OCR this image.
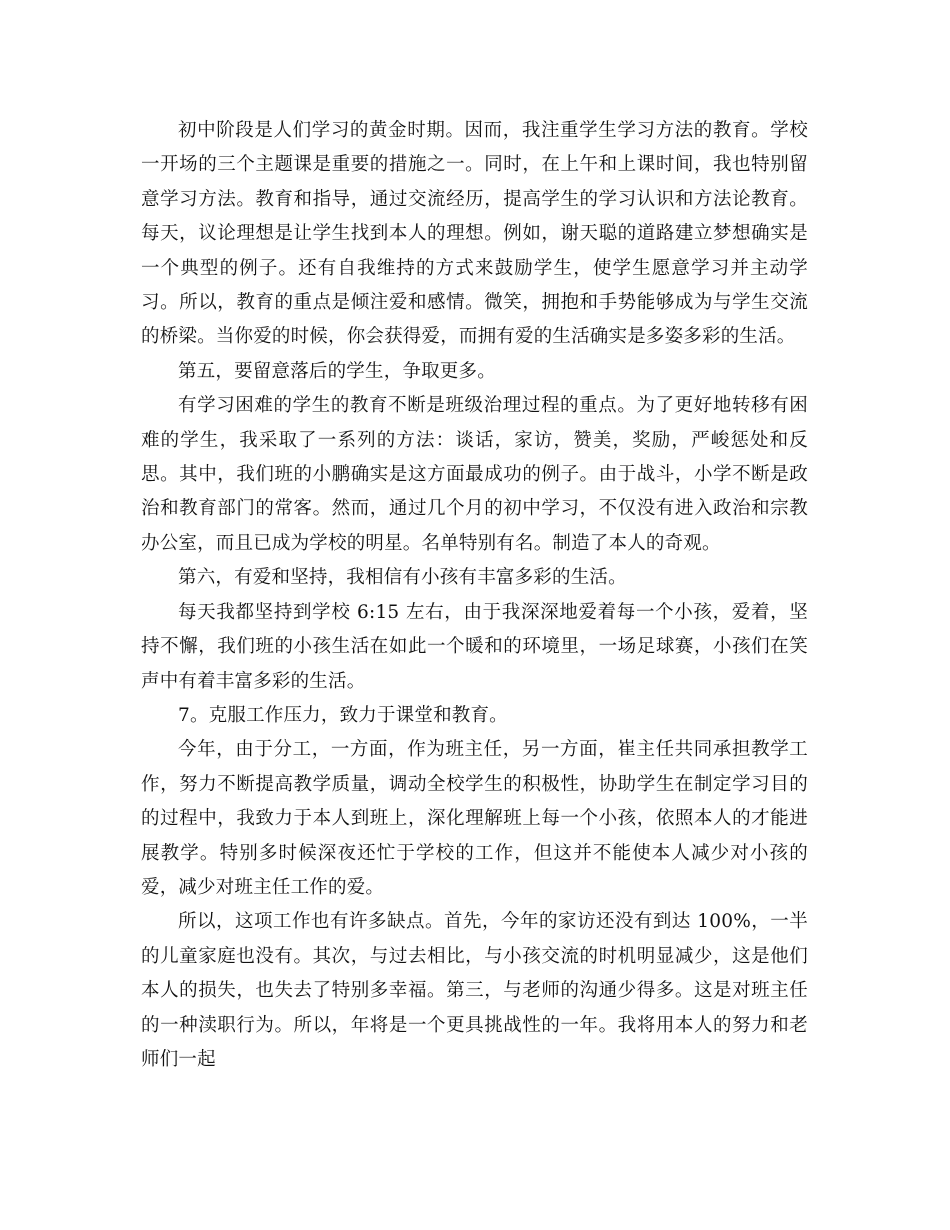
初中阶段是人们学习的黄金时期。因而，我注重学生学习方法的教育。学校一开场的三个主题课是重要的措施之一。同时，在上午和上课时间，我也特别留意学习方法。教育和指导，通过交流经历，提高学生的学习认识和方法论教育。每天，议论理想是让学生找到本人的理想。例如，谢天聪的道路建立梦想确实是一个典型的例子。还有自我维持的方式来鼓励学生，使学生愿意学习并主动学习。所以，教育的重点是倾注爱和感情。微笑，拥抱和手势能够成为与学生交流的桥梁。当你爱的时候，你会获得爱，而拥有爱的生活确实是多姿多彩的生活。

第五，要留意落后的学生，争取更多。

有学习困难的学生的教育不断是班级治理过程的重点。为了更好地转移有困难的学生，我采取了一系列的方法：谈话，家访，赞美，奖励，严峻惩处和反思。其中，我们班的小鹏确实是这方面最成功的例子。由于战斗，小学不断是政治和教育部门的常客。然而，通过几个月的初中学习，不仅没有进入政治和宗教办公室，而且已成为学校的明星。名单特别有名。制造了本人的奇观。

第六，有爱和坚持，我相信有小孩有丰富多彩的生活。

每天我都坚持到学校 6:15 左右，由于我深深地爱着每一个小孩，爱着，坚持不懈，我们班的小孩生活在如此一个暖和的环境里，一场足球赛，小孩们在笑声中有着丰富多彩的生活。

7。克服工作压力，致力于课堂和教育。

今年，由于分工，一方面，作为班主任，另一方面，崔主任共同承担教学工作，努力不断提高教学质量，调动全校学生的积极性，协助学生在制定学习目的的过程中，我致力于本人到班上，深化理解班上每一个小孩，依照本人的才能进展教学。特别多时候深夜还忙于学校的工作，但这并不能使本人减少对小孩的爱，减少对班主任工作的爱。

所以，这项工作也有许多缺点。首先，今年的家访还没有到达 100%，一半的儿童家庭也没有。其次，与过去相比，与小孩交流的时机明显减少，这是他们本人的损失，也失去了特别多幸福。第三，与老师的沟通少得多。这是对班主任的一种渎职行为。所以，年将是一个更具挑战性的一年。我将用本人的努力和老师们一起
